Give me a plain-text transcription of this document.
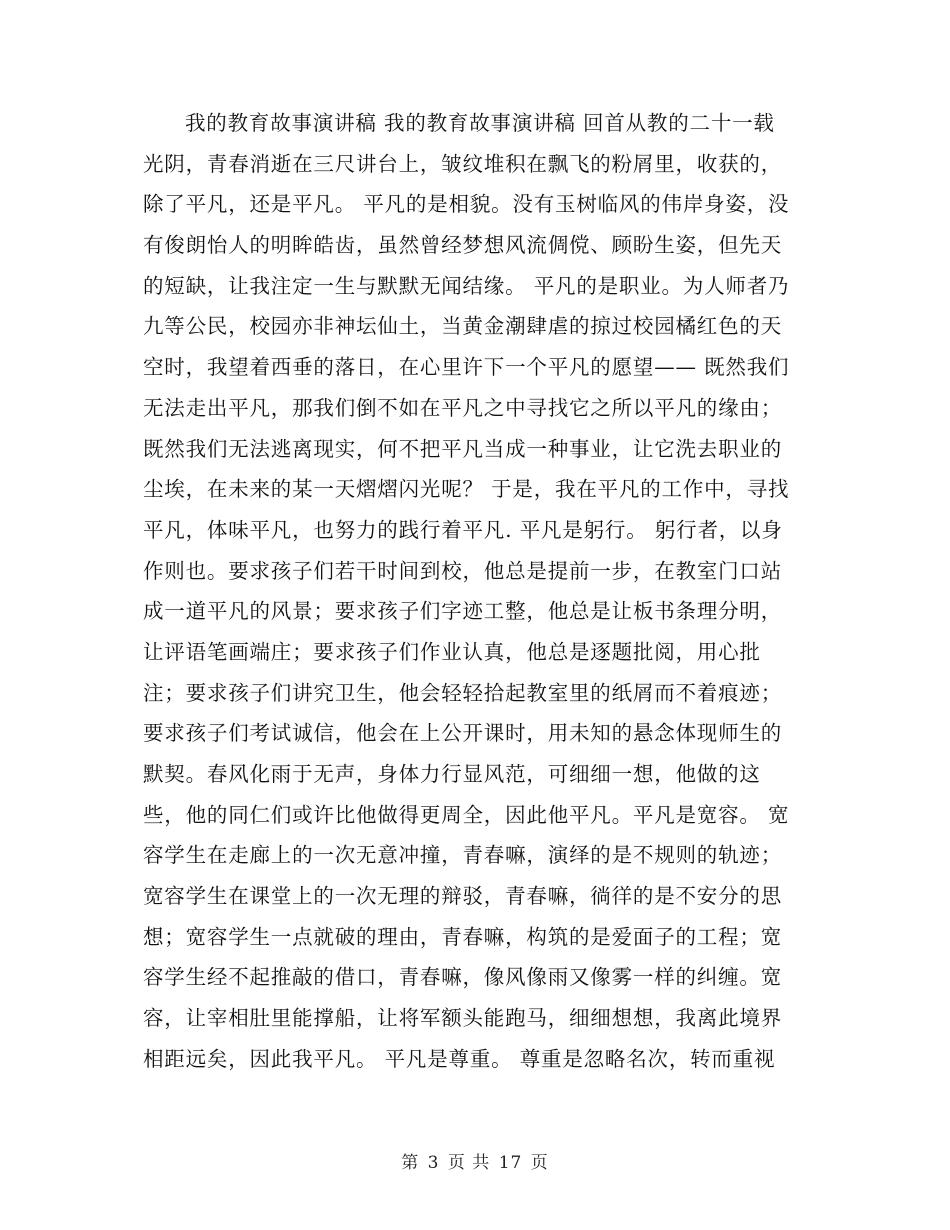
我的教育故事演讲稿 我的教育故事演讲稿 回首从教的二十一载
光阴，青春消逝在三尺讲台上，皱纹堆积在飘飞的粉屑里，收获的，
除了平凡，还是平凡。 平凡的是相貌。没有玉树临风的伟岸身姿，没
有俊朗怡人的明眸皓齿，虽然曾经梦想风流倜傥、顾盼生姿，但先天
的短缺，让我注定一生与默默无闻结缘。 平凡的是职业。为人师者乃
九等公民，校园亦非神坛仙土，当黄金潮肆虐的掠过校园橘红色的天
空时，我望着西垂的落日，在心里许下一个平凡的愿望—— 既然我们
无法走出平凡，那我们倒不如在平凡之中寻找它之所以平凡的缘由；
既然我们无法逃离现实，何不把平凡当成一种事业，让它洗去职业的
尘埃，在未来的某一天熠熠闪光呢？ 于是，我在平凡的工作中，寻找
平凡，体味平凡，也努力的践行着平凡. 平凡是躬行。 躬行者，以身
作则也。要求孩子们若干时间到校，他总是提前一步，在教室门口站
成一道平凡的风景；要求孩子们字迹工整，他总是让板书条理分明，
让评语笔画端庄；要求孩子们作业认真，他总是逐题批阅，用心批
注；要求孩子们讲究卫生，他会轻轻拾起教室里的纸屑而不着痕迹；
要求孩子们考试诚信，他会在上公开课时，用未知的悬念体现师生的
默契。春风化雨于无声，身体力行显风范，可细细一想，他做的这
些，他的同仁们或许比他做得更周全，因此他平凡。平凡是宽容。 宽
容学生在走廊上的一次无意冲撞，青春嘛，演绎的是不规则的轨迹；
宽容学生在课堂上的一次无理的辩驳，青春嘛，徜徉的是不安分的思
想；宽容学生一点就破的理由，青春嘛，构筑的是爱面子的工程；宽
容学生经不起推敲的借口，青春嘛，像风像雨又像雾一样的纠缠。宽
容，让宰相肚里能撑船，让将军额头能跑马，细细想想，我离此境界
相距远矣，因此我平凡。 平凡是尊重。 尊重是忽略名次，转而重视
第 3 页 共 17 页
